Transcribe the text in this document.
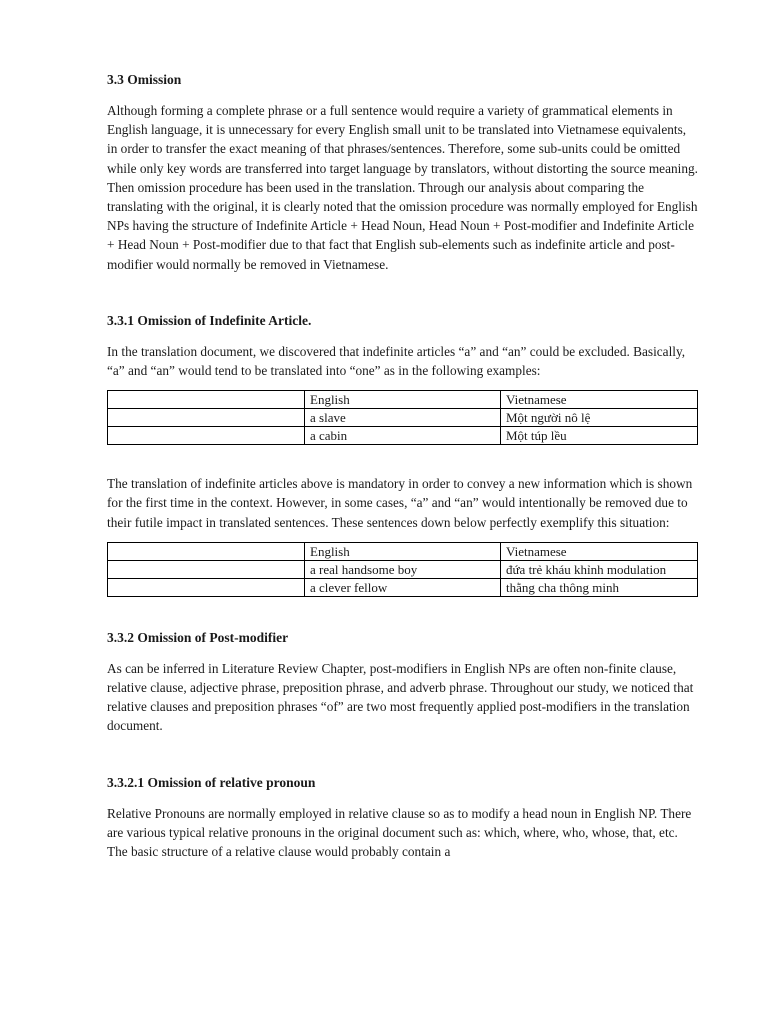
3.3 Omission

Although forming a complete phrase or a full sentence would require a variety of grammatical elements in English language, it is unnecessary for every English small unit to be translated into Vietnamese equivalents, in order to transfer the exact meaning of that phrases/sentences. Therefore, some sub-units could be omitted while only key words are transferred into target language by translators, without distorting the source meaning. Then omission procedure has been used in the translation. Through our analysis about comparing the translating with the original, it is clearly noted that the omission procedure was normally employed for English NPs having the structure of Indefinite Article + Head Noun, Head Noun + Post-modifier and Indefinite Article + Head Noun + Post-modifier due to that fact that English sub-elements such as indefinite article and post-modifier would normally be removed in Vietnamese.

3.3.1 Omission of Indefinite Article.

In the translation document, we discovered that indefinite articles “a” and “an” could be excluded. Basically, “a” and “an” would tend to be translated into “one” as in the following examples:

	English	Vietnamese
	a slave	Một người nô lệ
	a cabin	Một túp lều

The translation of indefinite articles above is mandatory in order to convey a new information which is shown for the first time in the context. However, in some cases, “a” and “an” would intentionally be removed due to their futile impact in translated sentences. These sentences down below perfectly exemplify this situation:

	English	Vietnamese
	a real handsome boy	đứa trẻ kháu khỉnh modulation
	a clever fellow	thằng cha thông minh
3.3.2 Omission of Post-modifier

As can be inferred in Literature Review Chapter, post-modifiers in English NPs are often non-finite clause, relative clause, adjective phrase, preposition phrase, and adverb phrase. Throughout our study, we noticed that relative clauses and preposition phrases “of” are two most frequently applied post-modifiers in the translation document.

3.3.2.1 Omission of relative pronoun

Relative Pronouns are normally employed in relative clause so as to modify a head noun in English NP. There are various typical relative pronouns in the original document such as: which, where, who, whose, that, etc. The basic structure of a relative clause would probably contain a
